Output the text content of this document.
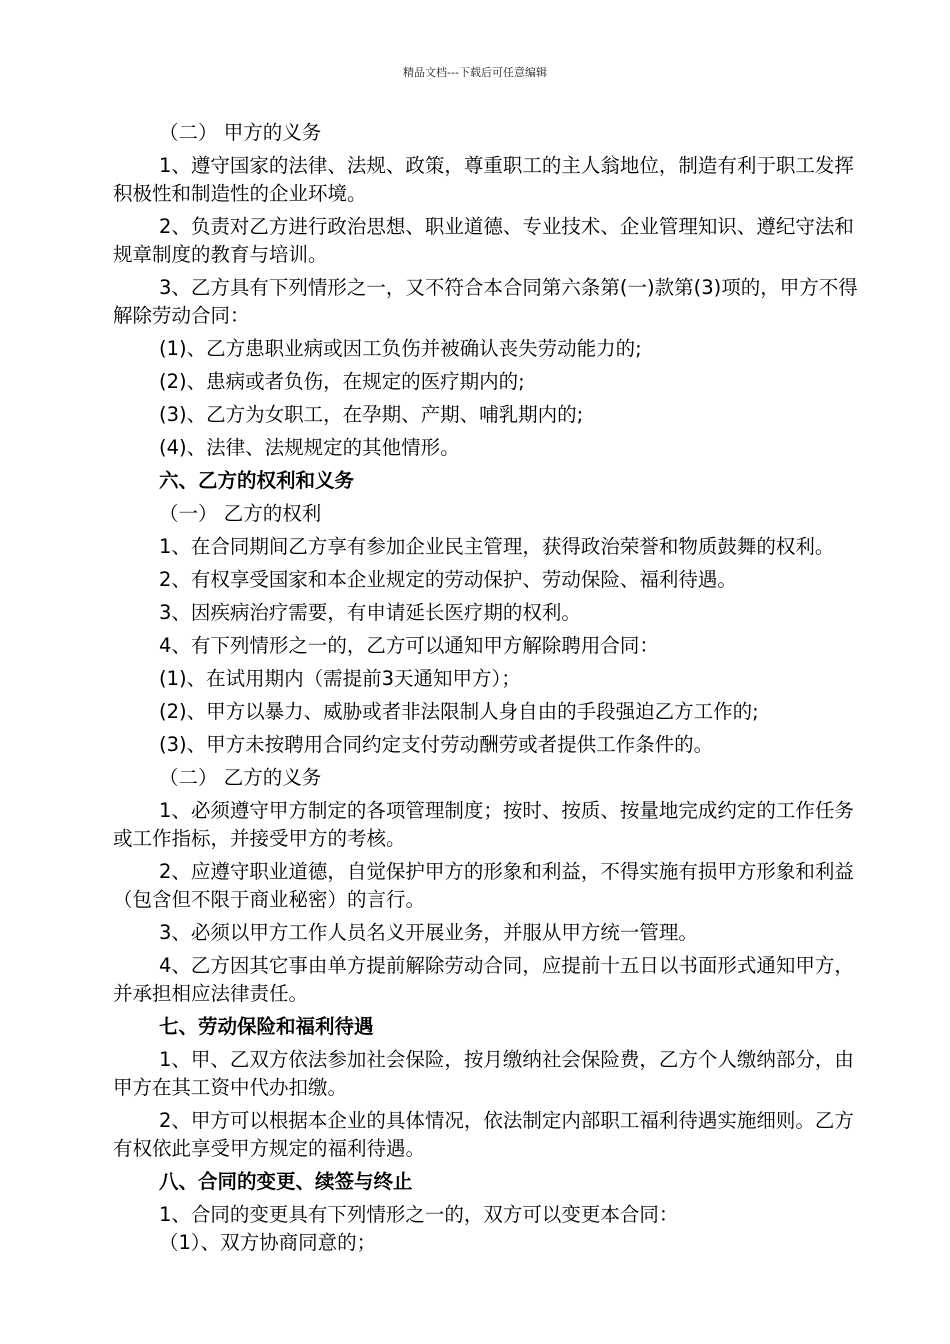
精品文档---下载后可任意编辑

（二） 甲方的义务

1、遵守国家的法律、法规、政策，尊重职工的主人翁地位，制造有利于职工发挥积极性和制造性的企业环境。

2、负责对乙方进行政治思想、职业道德、专业技术、企业管理知识、遵纪守法和规章制度的教育与培训。

3、乙方具有下列情形之一，又不符合本合同第六条第(一)款第(3)项的，甲方不得解除劳动合同：

(1)、乙方患职业病或因工负伤并被确认丧失劳动能力的;

(2)、患病或者负伤，在规定的医疗期内的;

(3)、乙方为女职工，在孕期、产期、哺乳期内的;

(4)、法律、法规规定的其他情形。

六、乙方的权利和义务

（一） 乙方的权利

1、在合同期间乙方享有参加企业民主管理，获得政治荣誉和物质鼓舞的权利。

2、有权享受国家和本企业规定的劳动保护、劳动保险、福利待遇。

3、因疾病治疗需要，有申请延长医疗期的权利。

4、有下列情形之一的，乙方可以通知甲方解除聘用合同：

(1)、在试用期内（需提前3天通知甲方）；

(2)、甲方以暴力、威胁或者非法限制人身自由的手段强迫乙方工作的;

(3)、甲方未按聘用合同约定支付劳动酬劳或者提供工作条件的。

（二） 乙方的义务

1、必须遵守甲方制定的各项管理制度；按时、按质、按量地完成约定的工作任务或工作指标，并接受甲方的考核。

2、应遵守职业道德，自觉保护甲方的形象和利益，不得实施有损甲方形象和利益（包含但不限于商业秘密）的言行。

3、必须以甲方工作人员名义开展业务，并服从甲方统一管理。

4、乙方因其它事由单方提前解除劳动合同，应提前十五日以书面形式通知甲方，并承担相应法律责任。

七、劳动保险和福利待遇

1、甲、乙双方依法参加社会保险，按月缴纳社会保险费，乙方个人缴纳部分，由甲方在其工资中代办扣缴。

2、甲方可以根据本企业的具体情况，依法制定内部职工福利待遇实施细则。乙方有权依此享受甲方规定的福利待遇。

八、合同的变更、续签与终止

1、合同的变更具有下列情形之一的，双方可以变更本合同：

（1）、双方协商同意的；
